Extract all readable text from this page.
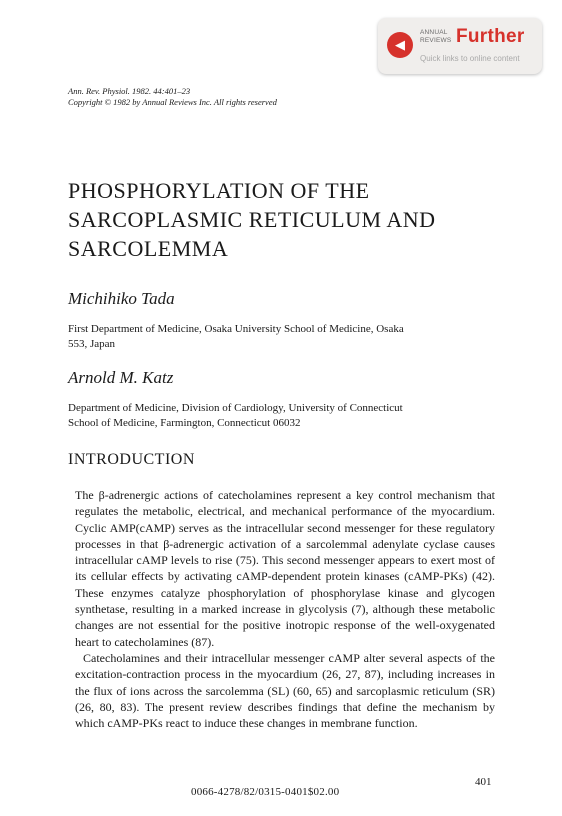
◀
ANNUAL
REVIEWS Further
Quick links to online content
Ann. Rev. Physiol. 1982. 44:401–23
Copyright © 1982 by Annual Reviews Inc. All rights reserved
PHOSPHORYLATION OF THE
SARCOPLASMIC RETICULUM AND
SARCOLEMMA
Michihiko Tada
First Department of Medicine, Osaka University School of Medicine, Osaka
553, Japan
Arnold M. Katz
Department of Medicine, Division of Cardiology, University of Connecticut
School of Medicine, Farmington, Connecticut 06032
INTRODUCTION

The β-adrenergic actions of catecholamines represent a key control mechanism that regulates the metabolic, electrical, and mechanical performance of the myocardium. Cyclic AMP(cAMP) serves as the intracellular second messenger for these regulatory processes in that β-adrenergic activation of a sarcolemmal adenylate cyclase causes intracellular cAMP levels to rise (75). This second messenger appears to exert most of its cellular effects by activating cAMP-dependent protein kinases (cAMP-PKs) (42). These enzymes catalyze phosphorylation of phosphorylase kinase and glycogen synthetase, resulting in a marked increase in glycolysis (7), although these metabolic changes are not essential for the positive inotropic response of the well-oxygenated heart to catecholamines (87).

Catecholamines and their intracellular messenger cAMP alter several aspects of the excitation-contraction process in the myocardium (26, 27, 87), including increases in the flux of ions across the sarcolemma (SL) (60, 65) and sarcoplasmic reticulum (SR) (26, 80, 83). The present review describes findings that define the mechanism by which cAMP-PKs react to induce these changes in membrane function.

401
0066-4278/82/0315-0401$02.00
